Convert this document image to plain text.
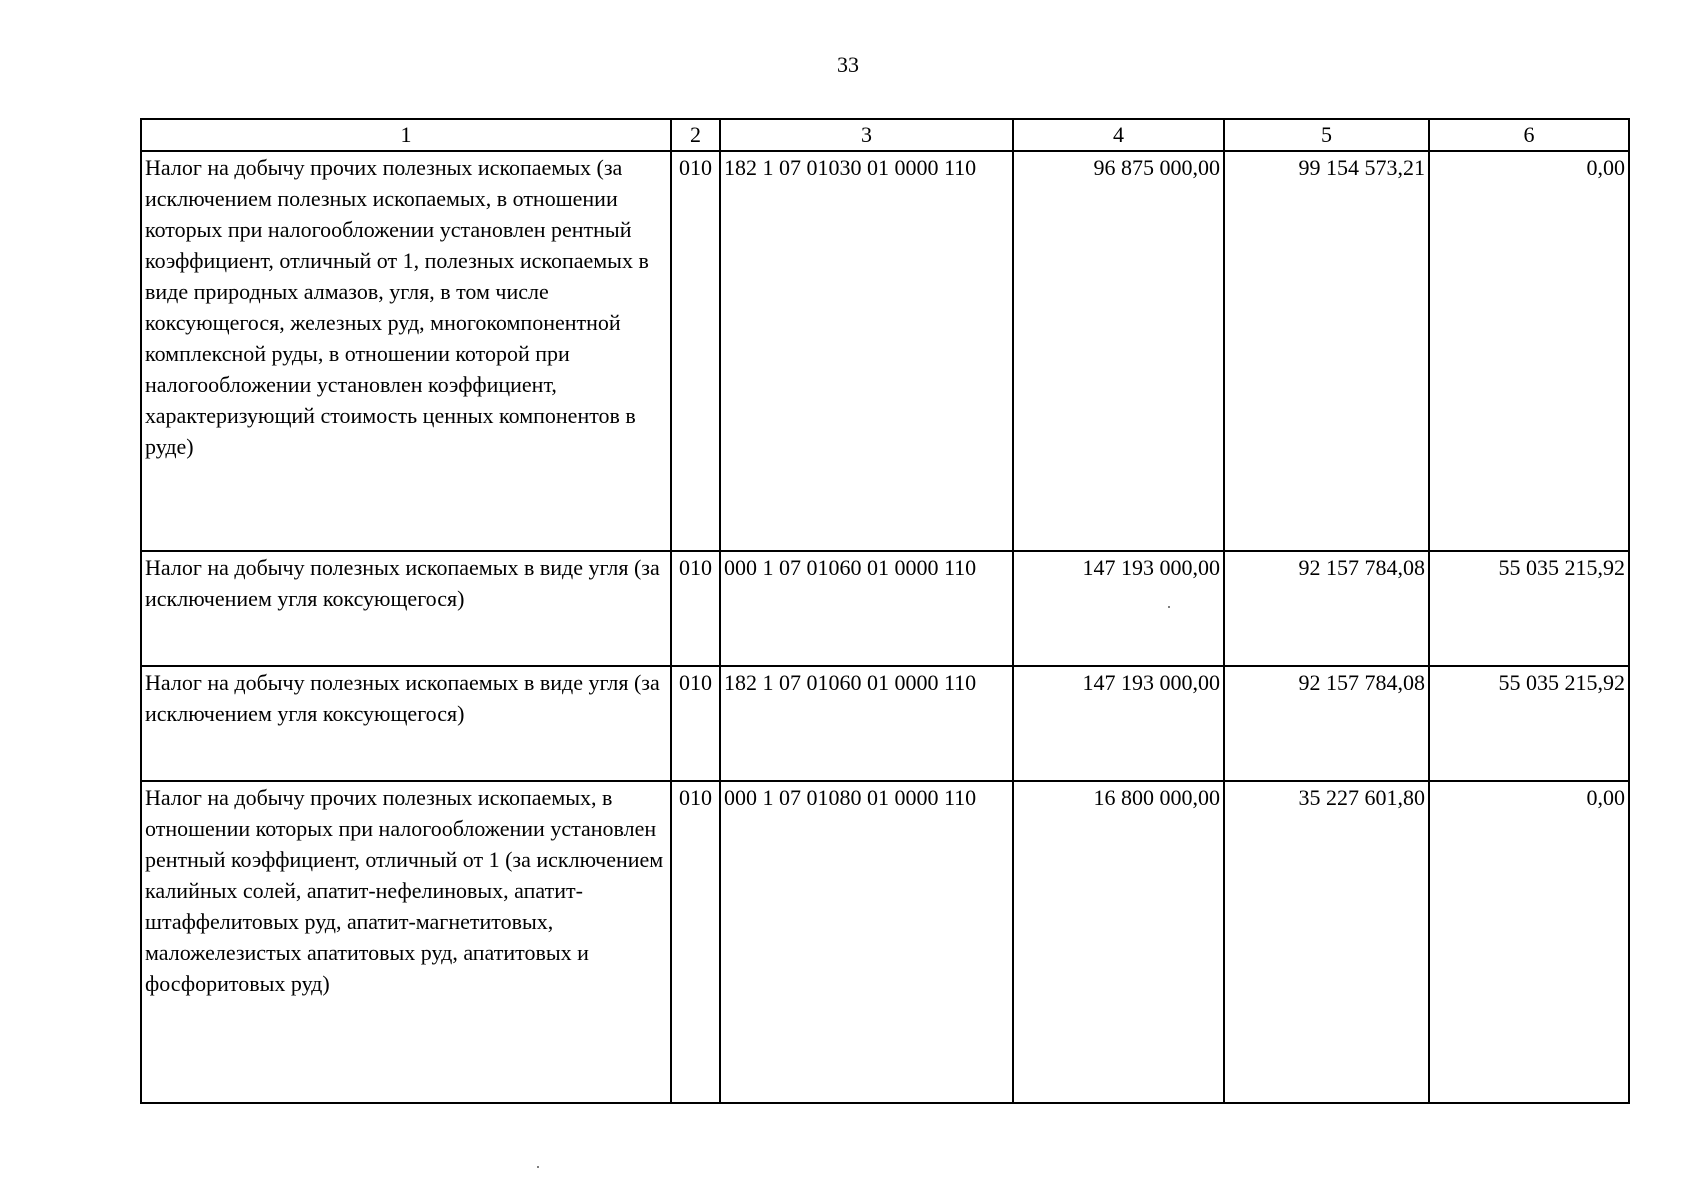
33
1	2	3	4	5	6
Налог на добычу прочих полезных ископаемых (за исключением полезных ископаемых, в отношении которых при налогообложении установлен рентный коэффициент, отличный от 1, полезных ископаемых в виде природных алмазов, угля, в том числе коксующегося, железных руд, многокомпонентной комплексной руды, в отношении которой при налогообложении установлен коэффициент, характеризующий стоимость ценных компонентов в руде)	010	182 1 07 01030 01 0000 110	96 875 000,00	99 154 573,21	0,00
Налог на добычу полезных ископаемых в виде угля (за исключением угля коксующегося)	010	000 1 07 01060 01 0000 110	147 193 000,00	92 157 784,08	55 035 215,92
Налог на добычу полезных ископаемых в виде угля (за исключением угля коксующегося)	010	182 1 07 01060 01 0000 110	147 193 000,00	92 157 784,08	55 035 215,92
Налог на добычу прочих полезных ископаемых, в отношении которых при налогообложении установлен рентный коэффициент, отличный от 1 (за исключением калийных солей, апатит-нефелиновых, апатит-штаффелитовых руд, апатит-магнетитовых, маложелезистых апатитовых руд, апатитовых и фосфоритовых руд)	010	000 1 07 01080 01 0000 110	16 800 000,00	35 227 601,80	0,00
